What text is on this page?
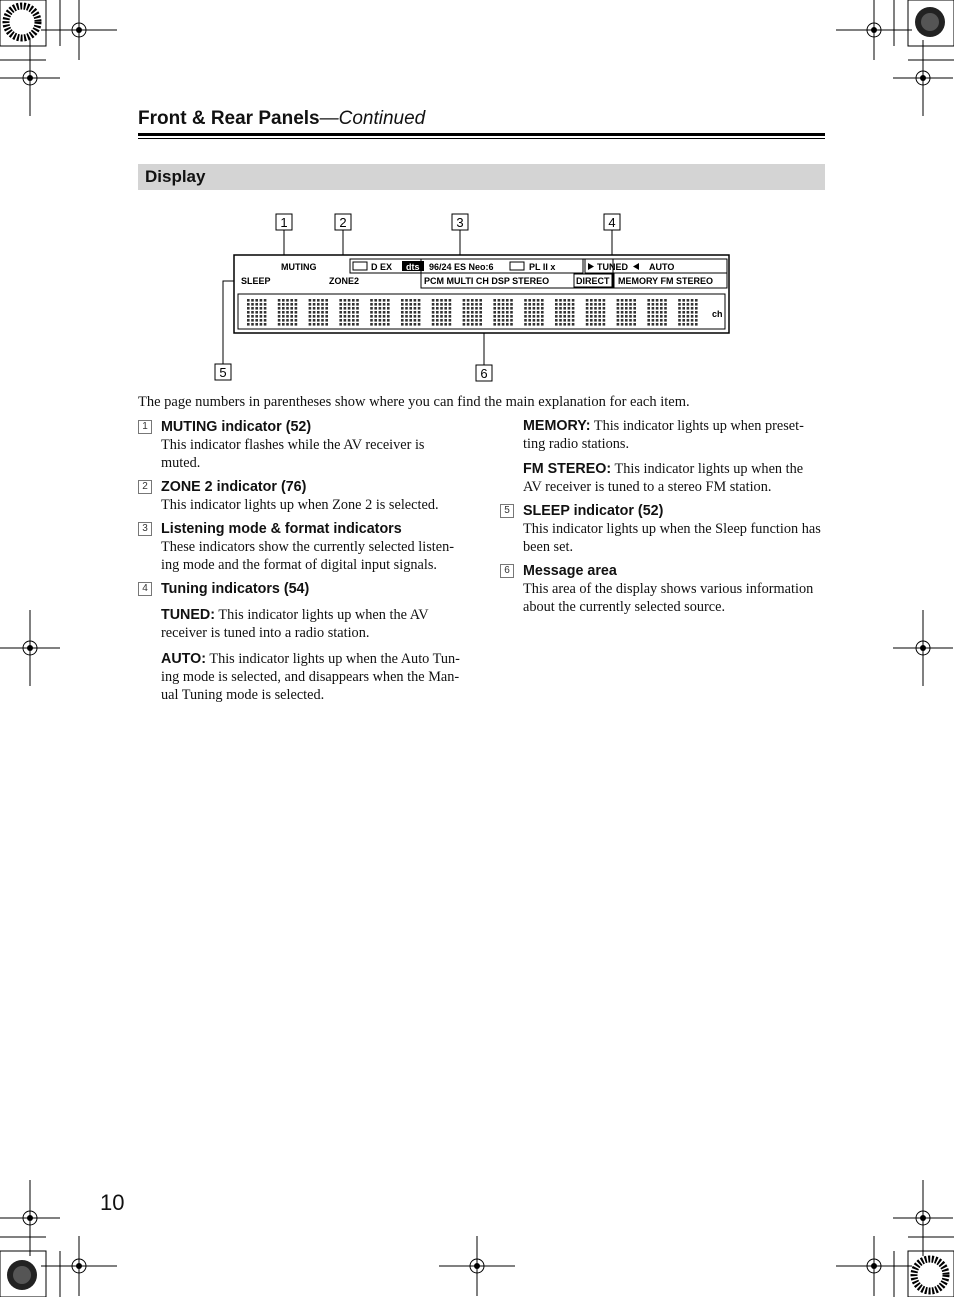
Front & Rear Panels—Continued
Display
1	2	3	4
5	6
MUTING
SLEEP	ZONE2
D EX dts 96/24 ES Neo:6	PL II x	TUNED AUTO
PCM MULTI CH DSP STEREO	DIRECT MEMORY FM STEREO
ch
The page numbers in parentheses show where you can find the main explanation for each item.
1 MUTING indicator (52)
This indicator flashes while the AV receiver is
muted.
2 ZONE 2 indicator (76)
This indicator lights up when Zone 2 is selected.
3 Listening mode & format indicators
These indicators show the currently selected listen-
ing mode and the format of digital input signals.
4 Tuning indicators (54)
TUNED: This indicator lights up when the AV
receiver is tuned into a radio station.
AUTO: This indicator lights up when the Auto Tun-
ing mode is selected, and disappears when the Man-
ual Tuning mode is selected.
MEMORY: This indicator lights up when preset-
ting radio stations.
FM STEREO: This indicator lights up when the
AV receiver is tuned to a stereo FM station.
5 SLEEP indicator (52)
This indicator lights up when the Sleep function has
been set.
6 Message area
This area of the display shows various information
about the currently selected source.
10
